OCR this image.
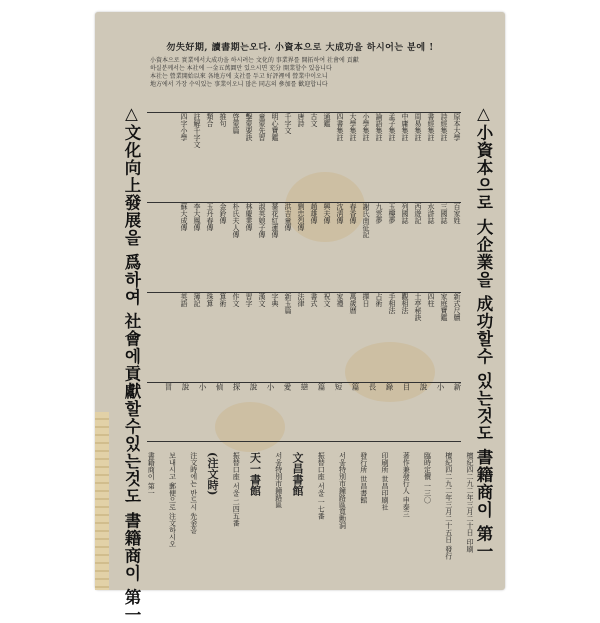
勿失好期, 讀書期는오다. 小資本으로 大成功을 하시어는 분에 !
小資本으로 實業에서大成功을 하시려는 文化的 事業界를 開拓하여 社會에 貢獻
하실분께서는 本社에 一金五萬圜만 있으시면 充分 開業할수 있읍니다
本社는 營業開始以來 各地方에 支社를 두고 好評裡에 營業中이오니
地方에서 가장 수익있는 事業이오니 많은 同志의 參加를 歡迎합니다
△文化向上發展을 爲하여 社會에貢獻할수있는것도 書籍商이 第一	△小資本으로 大企業을 成功할수 있는것도 書籍商이 第一
原本大學
詩經集註
書經集註
周易集註
中庸集註
孟子集註
論語集註
小學集註
大學集註
四書集註
通鑑
古文
唐詩
千字文
明心寶鑑
童蒙先習
擊蒙要訣
啓蒙篇
推句
類合
註解千字文
四字小學
百家姓
三國誌
水滸誌
西遊記
列國誌
玉樓夢
九雲夢
謝氏南征記
春香傳
沈淸傳
興夫傳
趙雄傳
劉忠烈傳
洪吉童傳
薔花紅蓮傳
淑英娘子傳
林慶業傳
朴氏夫人傳
金鈴傳
玉丹春傳
李大鳳傳
蘇大成傳
新式尺牘
家庭寶鑑
四柱
土亭秘訣
觀相法
手相法
占術
擇日
萬歲曆
家禮
祝文
書式
法律
新玉篇
字典
漢文
習字
作文
算術
珠算
簿記
英語
新
小
說
目
錄
長
篇
短
篇
戀
愛
小
說
探
偵
小
說
冒
檀紀四二九二年三月二十日 印刷
檀紀四二九二年三月二十五日 發行
臨時定價 一三〇
著作兼發行人 申泰三
印刷所 世昌印刷社
發行所 世昌書館
서울特別市鐘路區寬勳洞
振替口座 서울 一七番
文昌書館
서울特別市鐘路區
天一書館
振替口座 서울 二四五番
(注文時)
注文時에는 반드시 先金을
보내시고 郵便으로 注文하시오
書籍商이 第一
